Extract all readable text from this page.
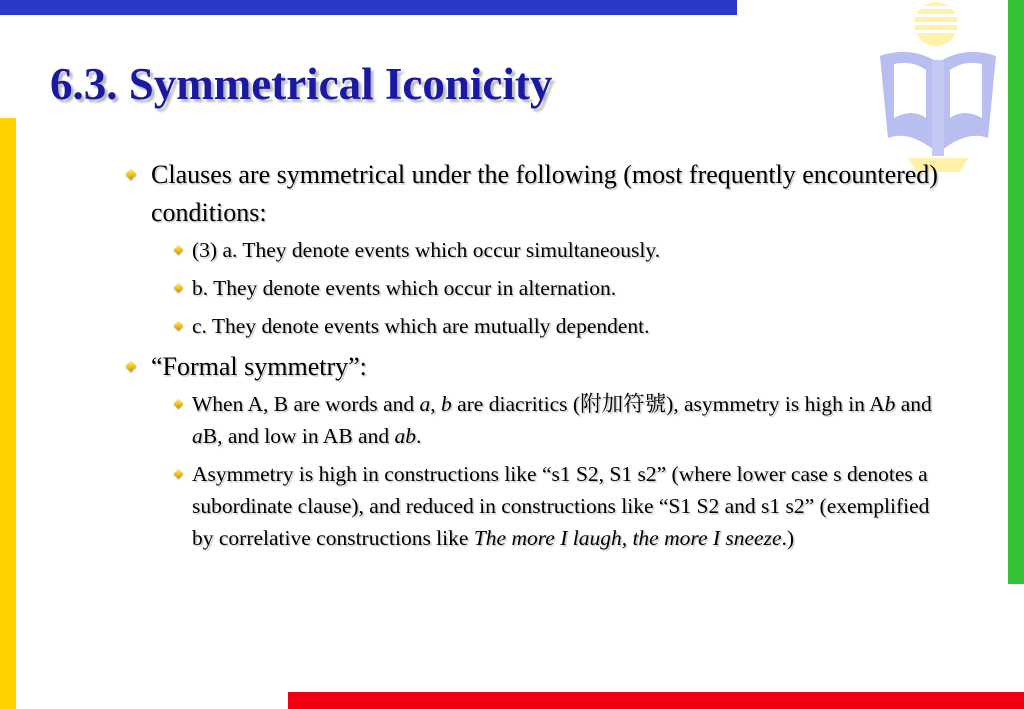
6.3. Symmetrical Iconicity
Clauses are symmetrical under the following (most frequently encountered) conditions:
(3) a. They denote events which occur simultaneously.
b. They denote events which occur in alternation.
c. They denote events which are mutually dependent.
“Formal symmetry”:
When A, B are words and a, b are diacritics (附加符號), asymmetry is high in Ab and aB, and low in AB and ab.
Asymmetry is high in constructions like “s1 S2, S1 s2” (where lower case s denotes a subordinate clause), and reduced in constructions like “S1 S2 and s1 s2” (exemplified by correlative constructions like The more I laugh, the more I sneeze.)
